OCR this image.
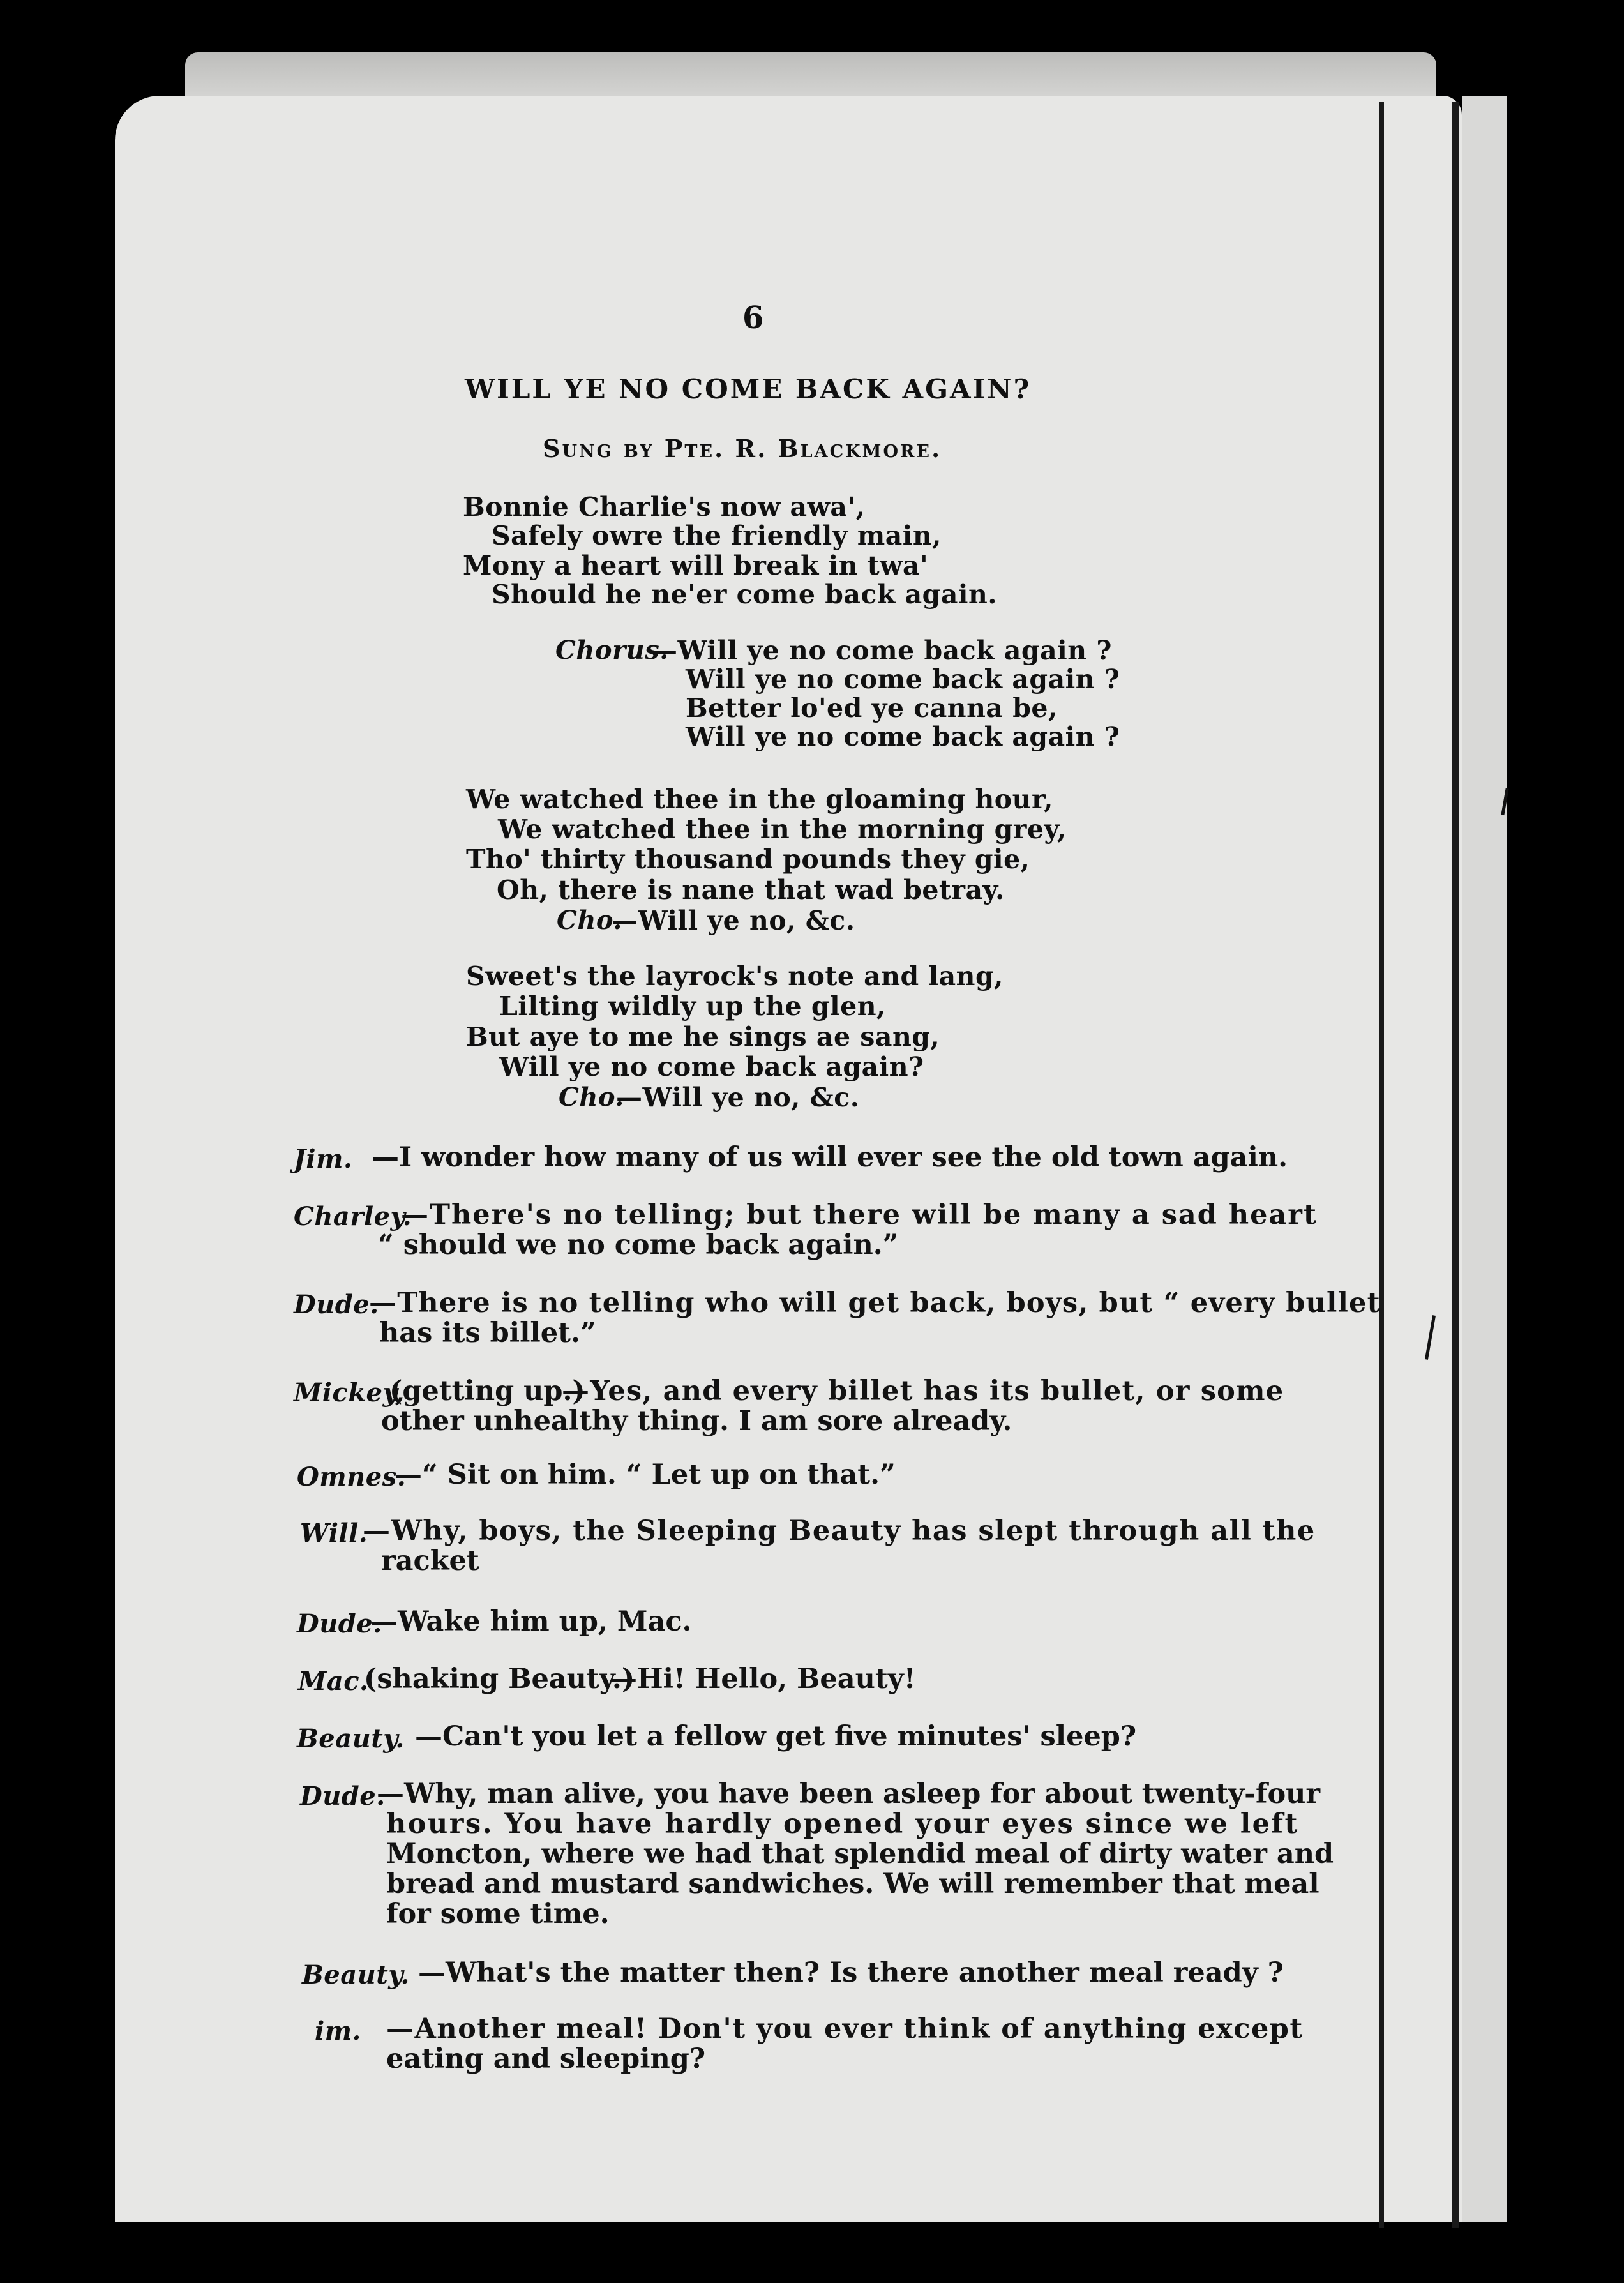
6
WILL YE NO COME BACK AGAIN?
Sung by Pte. R. Blackmore.
Bonnie Charlie's now awa',
Safely owre the friendly main,
Mony a heart will break in twa'
Should he ne'er come back again.
Chorus.
—Will ye no come back again ?
Will ye no come back again ?
Better lo'ed ye canna be,
Will ye no come back again ?
We watched thee in the gloaming hour,
We watched thee in the morning grey,
Tho' thirty thousand pounds they gie,
Oh, there is nane that wad betray.
Cho.
—Will ye no, &c.
Sweet's the layrock's note and lang,
Lilting wildly up the glen,
But aye to me he sings ae sang,
Will ye no come back again?
Cho.
—Will ye no, &c.
Jim. —I wonder how many of us will ever see the old town again.
Charley.
—There's no telling; but there will be many a sad heart
“ should we no come back again.”
Dude.
—There is no telling who will get back, boys, but “ every bullet
has its billet.”
Mickey,
(getting up.)
—Yes, and every billet has its bullet, or some
other unhealthy thing. I am sore already.
Omnes.
—“ Sit on him. “ Let up on that.”
Will.
—Why, boys, the Sleeping Beauty has slept through all the
racket
Dude.
—Wake him up, Mac.
Mac.
(shaking Beauty.)
—Hi! Hello, Beauty!
Beauty. —Can't you let a fellow get five minutes' sleep?
Dude.
—Why, man alive, you have been asleep for about twenty-four
hours. You have hardly opened your eyes since we left
Moncton, where we had that splendid meal of dirty water and
bread and mustard sandwiches. We will remember that meal
for some time.
Beauty. —What's the matter then? Is there another meal ready ?
im. —Another meal! Don't you ever think of anything except
eating and sleeping?
